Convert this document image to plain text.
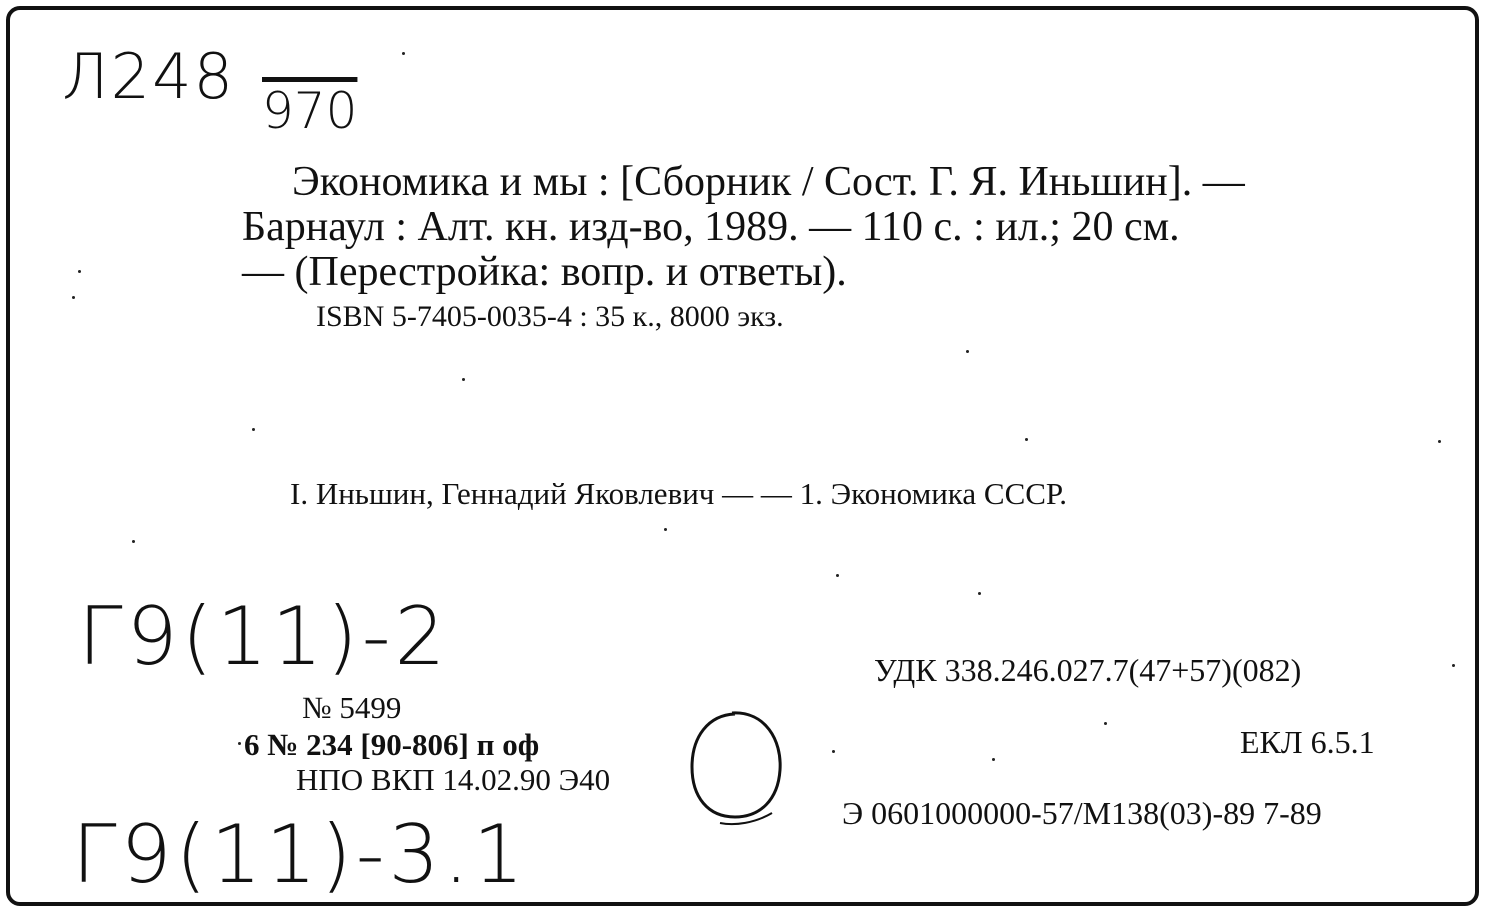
Л248 970
Экономика и мы : [Сборник / Сост. Г. Я. Иньшин]. —
Барнаул : Алт. кн. изд-во, 1989. — 110 с. : ил.; 20 см.
— (Перестройка: вопр. и ответы).
ISBN 5-7405-0035-4 : 35 к., 8000 экз.
I. Иньшин, Геннадий Яковлевич — — 1. Экономика СССР.
Г9(11)-2
Г9(11)-3.1
№ 5499
6 № 234 [90-806] п оф
НПО ВКП 14.02.90 Э40
УДК 338.246.027.7(47+57)(082)
ЕКЛ 6.5.1
Э 0601000000-57/М138(03)-89 7-89
